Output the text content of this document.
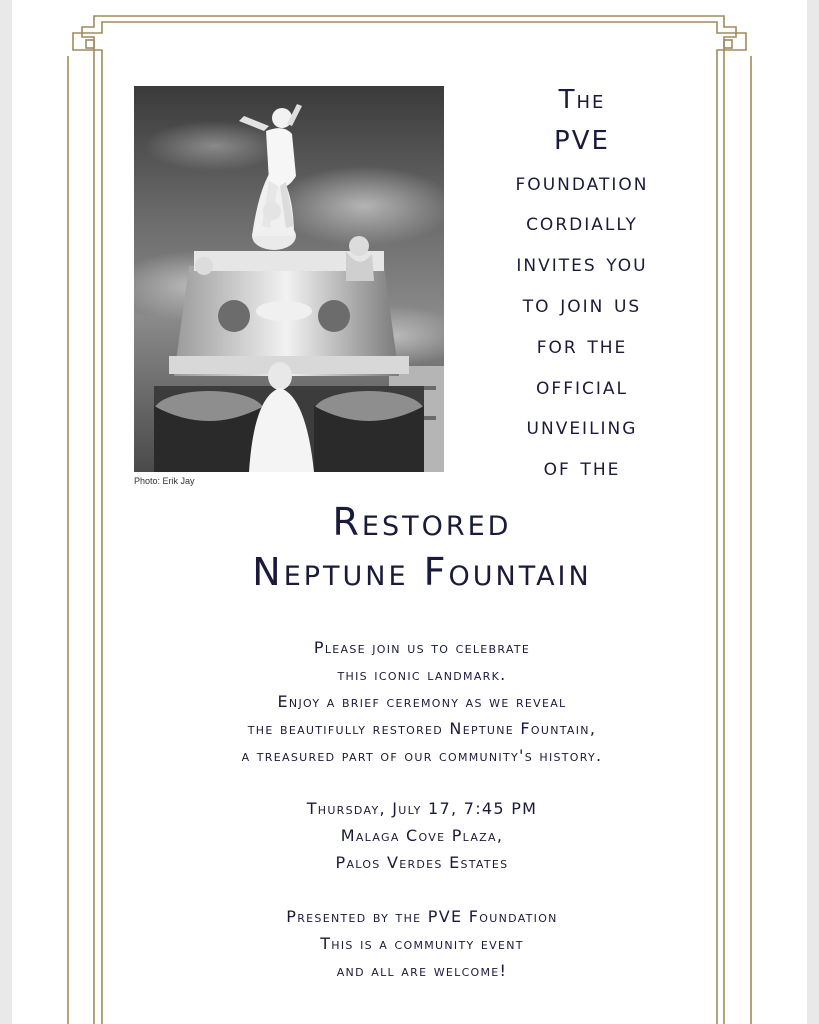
Photo: Erik Jay
The
PVE
foundation
cordially
invites you
to join us
for the
official
unveiling
of the
Restored
Neptune Fountain
Please join us to celebrate
this iconic landmark.
Enjoy a brief ceremony as we reveal
the beautifully restored Neptune Fountain,
a treasured part of our community's history.
Thursday, July 17, 7:45 PM
Malaga Cove Plaza,
Palos Verdes Estates
Presented by the PVE Foundation
This is a community event
and all are welcome!
